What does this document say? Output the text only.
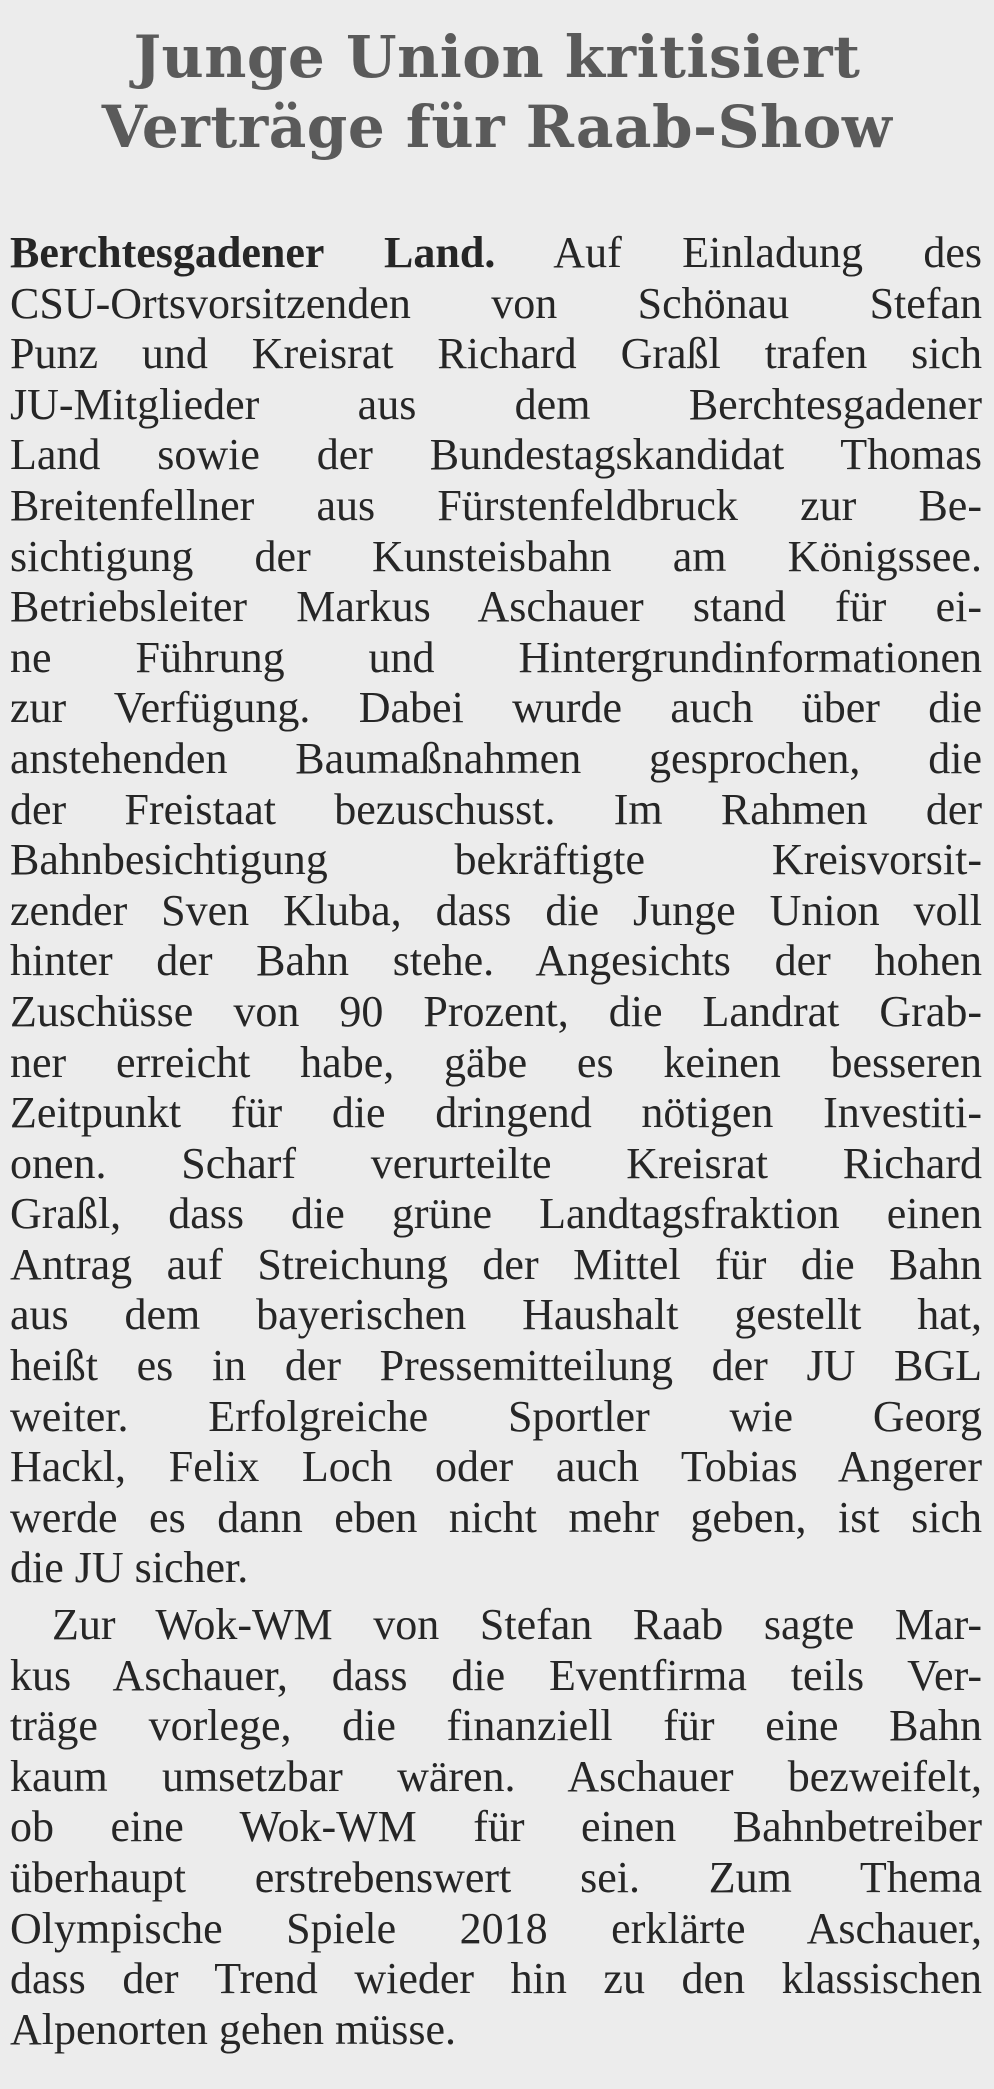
Junge Union kritisiert
Verträge für Raab-Show
Berchtesgadener Land. Auf Einladung des
CSU-Ortsvorsitzenden von Schönau Stefan
Punz und Kreisrat Richard Graßl trafen sich
JU-Mitglieder aus dem Berchtesgadener
Land sowie der Bundestagskandidat Thomas
Breitenfellner aus Fürstenfeldbruck zur Be-
sichtigung der Kunsteisbahn am Königssee.
Betriebsleiter Markus Aschauer stand für ei-
ne Führung und Hintergrundinformationen
zur Verfügung. Dabei wurde auch über die
anstehenden Baumaßnahmen gesprochen, die
der Freistaat bezuschusst. Im Rahmen der
Bahnbesichtigung bekräftigte Kreisvorsit-
zender Sven Kluba, dass die Junge Union voll
hinter der Bahn stehe. Angesichts der hohen
Zuschüsse von 90 Prozent, die Landrat Grab-
ner erreicht habe, gäbe es keinen besseren
Zeitpunkt für die dringend nötigen Investiti-
onen. Scharf verurteilte Kreisrat Richard
Graßl, dass die grüne Landtagsfraktion einen
Antrag auf Streichung der Mittel für die Bahn
aus dem bayerischen Haushalt gestellt hat,
heißt es in der Pressemitteilung der JU BGL
weiter. Erfolgreiche Sportler wie Georg
Hackl, Felix Loch oder auch Tobias Angerer
werde es dann eben nicht mehr geben, ist sich
die JU sicher.
Zur Wok-WM von Stefan Raab sagte Mar-
kus Aschauer, dass die Eventfirma teils Ver-
träge vorlege, die finanziell für eine Bahn
kaum umsetzbar wären. Aschauer bezweifelt,
ob eine Wok-WM für einen Bahnbetreiber
überhaupt erstrebenswert sei. Zum Thema
Olympische Spiele 2018 erklärte Aschauer,
dass der Trend wieder hin zu den klassischen
Alpenorten gehen müsse.
